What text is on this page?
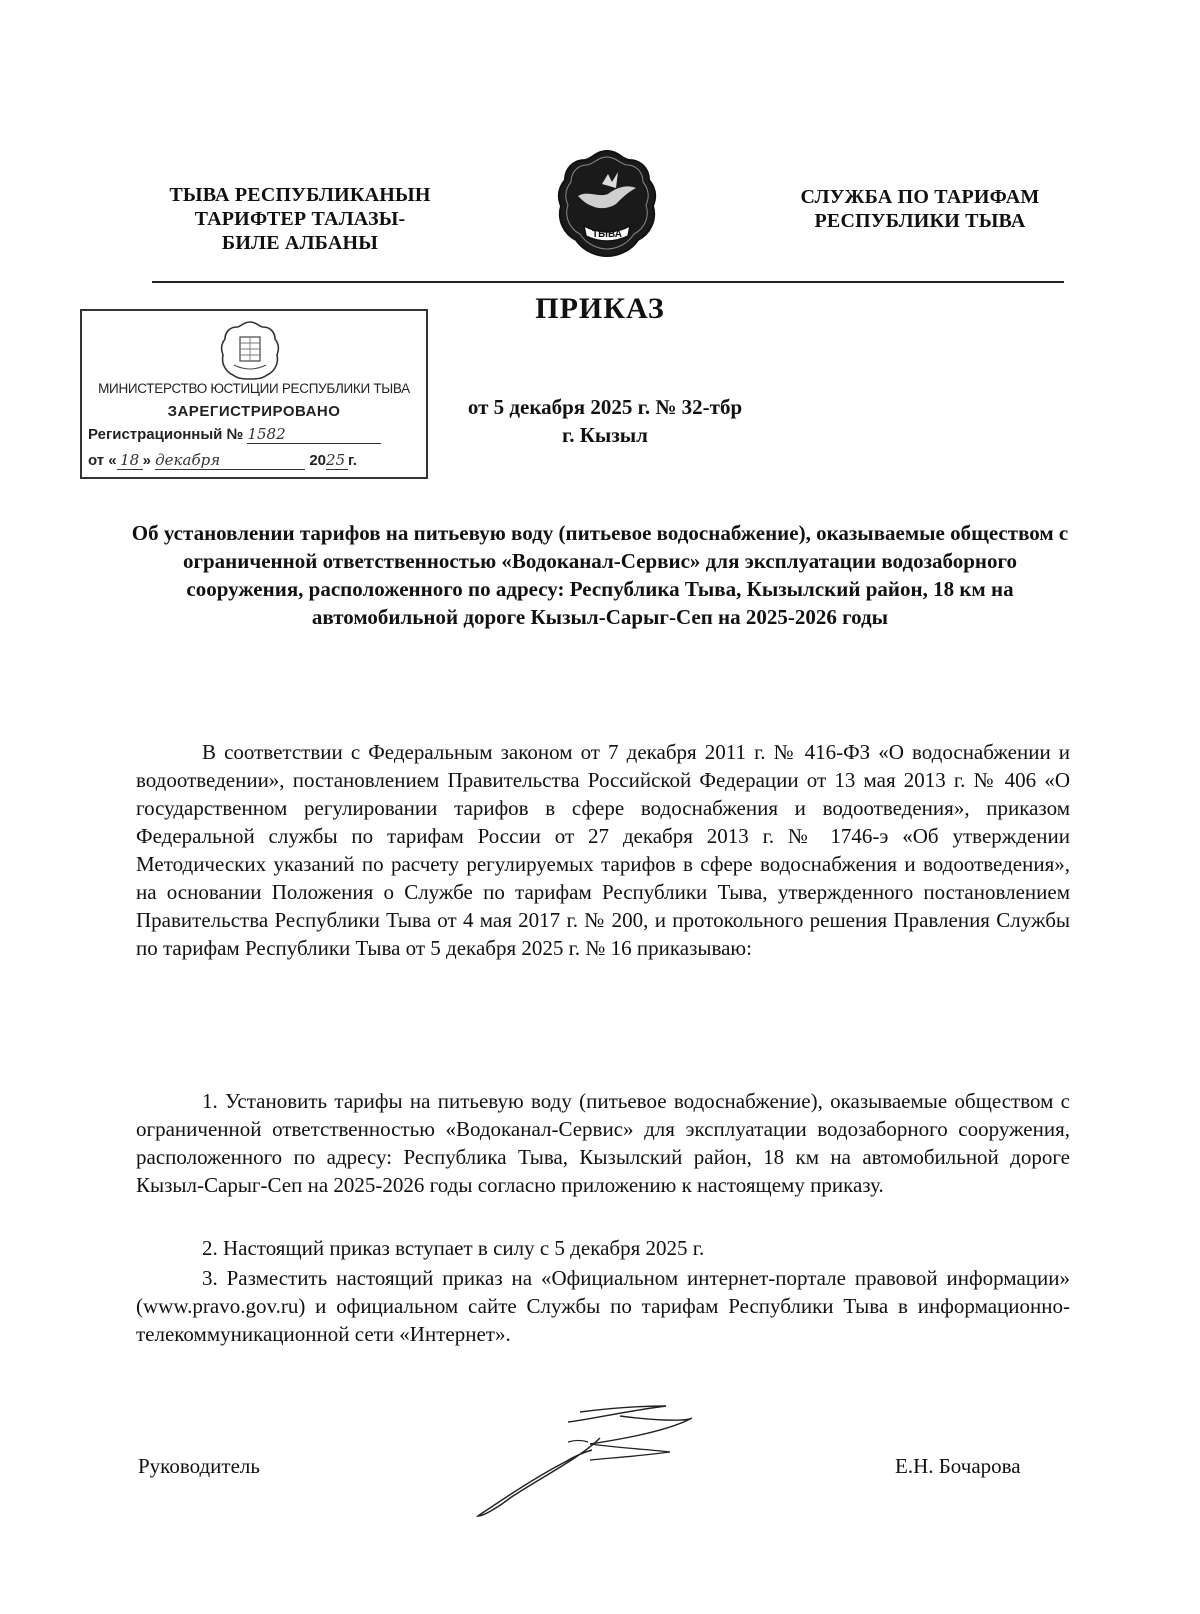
ТЫВА РЕСПУБЛИКАНЫН
ТАРИФТЕР ТАЛАЗЫ-
БИЛЕ АЛБАНЫ	ТЫВА
СЛУЖБА ПО ТАРИФАМ
РЕСПУБЛИКИ ТЫВА
ПРИКАЗ
МИНИСТЕРСТВО ЮСТИЦИИ РЕСПУБЛИКИ ТЫВА
ЗАРЕГИСТРИРОВАНО
Регистрационный № 1582
от « 18 » декабря	2025 г.
от 5 декабря 2025 г. № 32-тбр
г. Кызыл
Об установлении тарифов на питьевую воду (питьевое водоснабжение), оказываемые обществом с ограниченной ответственностью «Водоканал-Сервис» для эксплуатации водозаборного сооружения, расположенного по адресу: Республика Тыва, Кызылский район, 18 км на автомобильной дороге Кызыл-Сарыг-Сеп на 2025-2026 годы
В соответствии с Федеральным законом от 7 декабря 2011 г. № 416-ФЗ «О водоснабжении и водоотведении», постановлением Правительства Российской Федерации от 13 мая 2013 г. № 406 «О государственном регулировании тарифов в сфере водоснабжения и водоотведения», приказом Федеральной службы по тарифам России от 27 декабря 2013 г. № 1746-э «Об утверждении Методических указаний по расчету регулируемых тарифов в сфере водоснабжения и водоотведения», на основании Положения о Службе по тарифам Республики Тыва, утвержденного постановлением Правительства Республики Тыва от 4 мая 2017 г. № 200, и протокольного решения Правления Службы по тарифам Республики Тыва от 5 декабря 2025 г. № 16 приказываю:
1. Установить тарифы на питьевую воду (питьевое водоснабжение), оказываемые обществом с ограниченной ответственностью «Водоканал-Сервис» для эксплуатации водозаборного сооружения, расположенного по адресу: Республика Тыва, Кызылский район, 18 км на автомобильной дороге Кызыл-Сарыг-Сеп на 2025-2026 годы согласно приложению к настоящему приказу.
2. Настоящий приказ вступает в силу с 5 декабря 2025 г.
3. Разместить настоящий приказ на «Официальном интернет-портале правовой информации» (www.pravo.gov.ru) и официальном сайте Службы по тарифам Республики Тыва в информационно-телекоммуникационной сети «Интернет».
Руководитель	Е.Н. Бочарова
